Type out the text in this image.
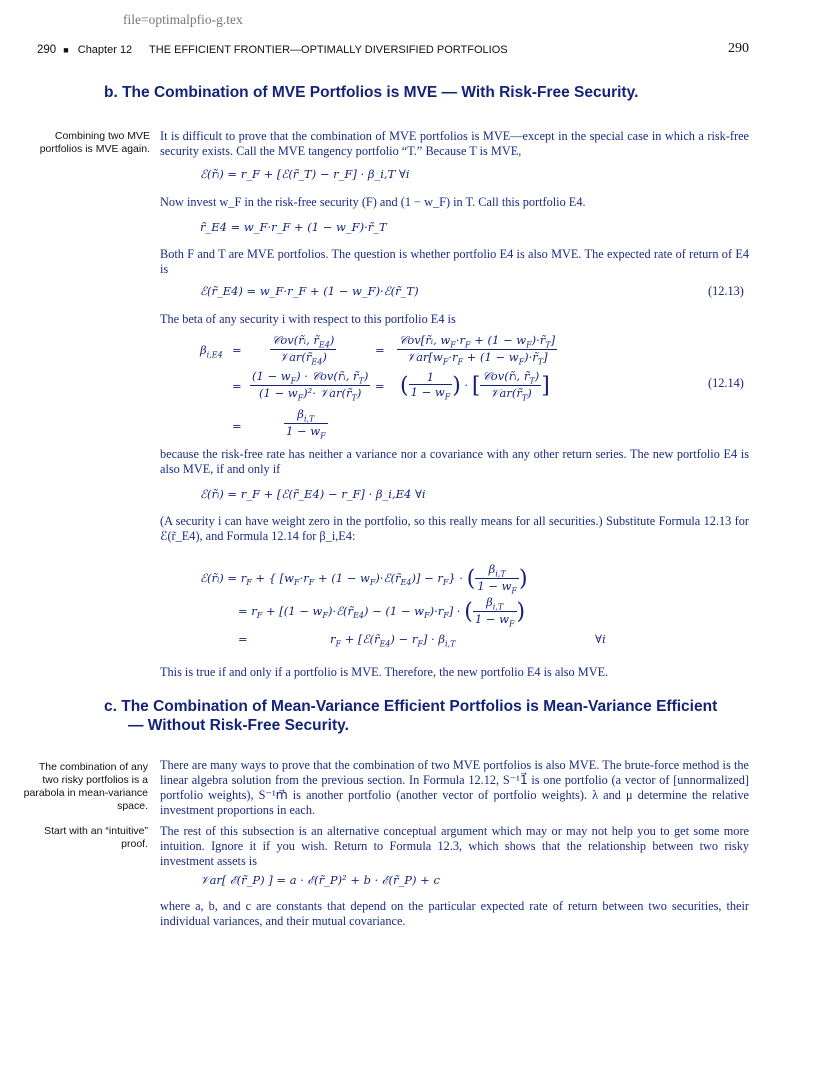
file=optimalpfio-g.tex
290 ■ Chapter 12 THE EFFICIENT FRONTIER—OPTIMALLY DIVERSIFIED PORTFOLIOS	290
b. The Combination of MVE Portfolios is MVE — With Risk-Free Security.
Combining two MVE portfolios is MVE again.
It is difficult to prove that the combination of MVE portfolios is MVE—except in the special case in which a risk-free security exists. Call the MVE tangency portfolio “T.” Because T is MVE,
ℰ(r̃ᵢ) = r_F + [ℰ(r̃_T) − r_F] · β_i,T ∀i
Now invest w_F in the risk-free security (F) and (1 − w_F) in T. Call this portfolio E4.
r̃_E4 = w_F·r_F + (1 − w_F)·r̃_T
Both F and T are MVE portfolios. The question is whether portfolio E4 is also MVE. The expected rate of return of E4 is
ℰ(r̃_E4) = w_F·r_F + (1 − w_F)·ℰ(r̃_T)	(12.13)
The beta of any security i with respect to this portfolio E4 is
$\beta_{i,E4} = \frac{𝒞ov(r̃ᵢ, r̃_{E4})}{𝒱ar(r̃_{E4})}$	= $\frac{𝒞ov[r̃ᵢ, w_F\cdot r_F + (1 - w_F)\cdot r̃_T]}{𝒱ar[w_F\cdot r_F + (1 - w_F)\cdot r̃_T]}$
= $\frac{(1 - w_F) \cdot 𝒞ov(r̃ᵢ, r̃_T)}{(1 - w_F)^2\cdot 𝒱ar(r̃_T)}$ = ( $\frac{1}{1 - w_F}$ ) · [ $\frac{𝒞ov(r̃ᵢ, r̃_T)}{𝒱ar(r̃_T)}$ ]
=	$\frac{\beta_{i,T}}{1 - w_F}$
(12.14)
because the risk-free rate has neither a variance nor a covariance with any other return series. The new portfolio E4 is also MVE, if and only if
ℰ(r̃ᵢ) = r_F + [ℰ(r̃_E4) − r_F] · β_i,E4 ∀i
(A security i can have weight zero in the portfolio, so this really means for all securities.) Substitute Formula 12.13 for ℰ(r̃_E4), and Formula 12.14 for β_i,E4:
ℰ(r̃ᵢ) = $r_F$ + { [$w_F\cdot r_F + (1$ − $w_F)\cdot ℰ(r̃_{E4})] - r_F$} · ( $\frac{\beta_{i,T}}{1 - w_F}$ )
= $r_F + [(1$ − $w_F)\cdot ℰ(r̃_{E4}) - (1 - w_F)\cdot r_F$] · ( $\frac{\beta_{i,T}}{1 - w_F}$ )
=	$r_F$ + $[ℰ(r̃_{E4}) - r_F] \cdot \beta_{i,T}$	∀i
This is true if and only if a portfolio is MVE. Therefore, the new portfolio E4 is also MVE.
c. The Combination of Mean-Variance Efficient Portfolios is Mean-Variance Efficient
— Without Risk-Free Security.
The combination of any two risky portfolios is a parabola in mean-variance space.
There are many ways to prove that the combination of two MVE portfolios is also MVE. The brute-force method is the linear algebra solution from the previous section. In Formula 12.12, S⁻¹1⃗ is one portfolio (a vector of [unnormalized] portfolio weights), S⁻¹m⃗ is another portfolio (another vector of portfolio weights). λ and μ determine the relative investment proportions in each.
Start with an “intuitive” proof.
The rest of this subsection is an alternative conceptual argument which may or may not help you to get some more intuition. Ignore it if you wish. Return to Formula 12.3, which shows that the relationship between two risky investment assets is
𝒱ar[ ℰ(r̃_P) ] = a · ℰ(r̃_P)² + b · ℰ(r̃_P) + c
where a, b, and c are constants that depend on the particular expected rate of return between two securities, their individual variances, and their mutual covariance.
